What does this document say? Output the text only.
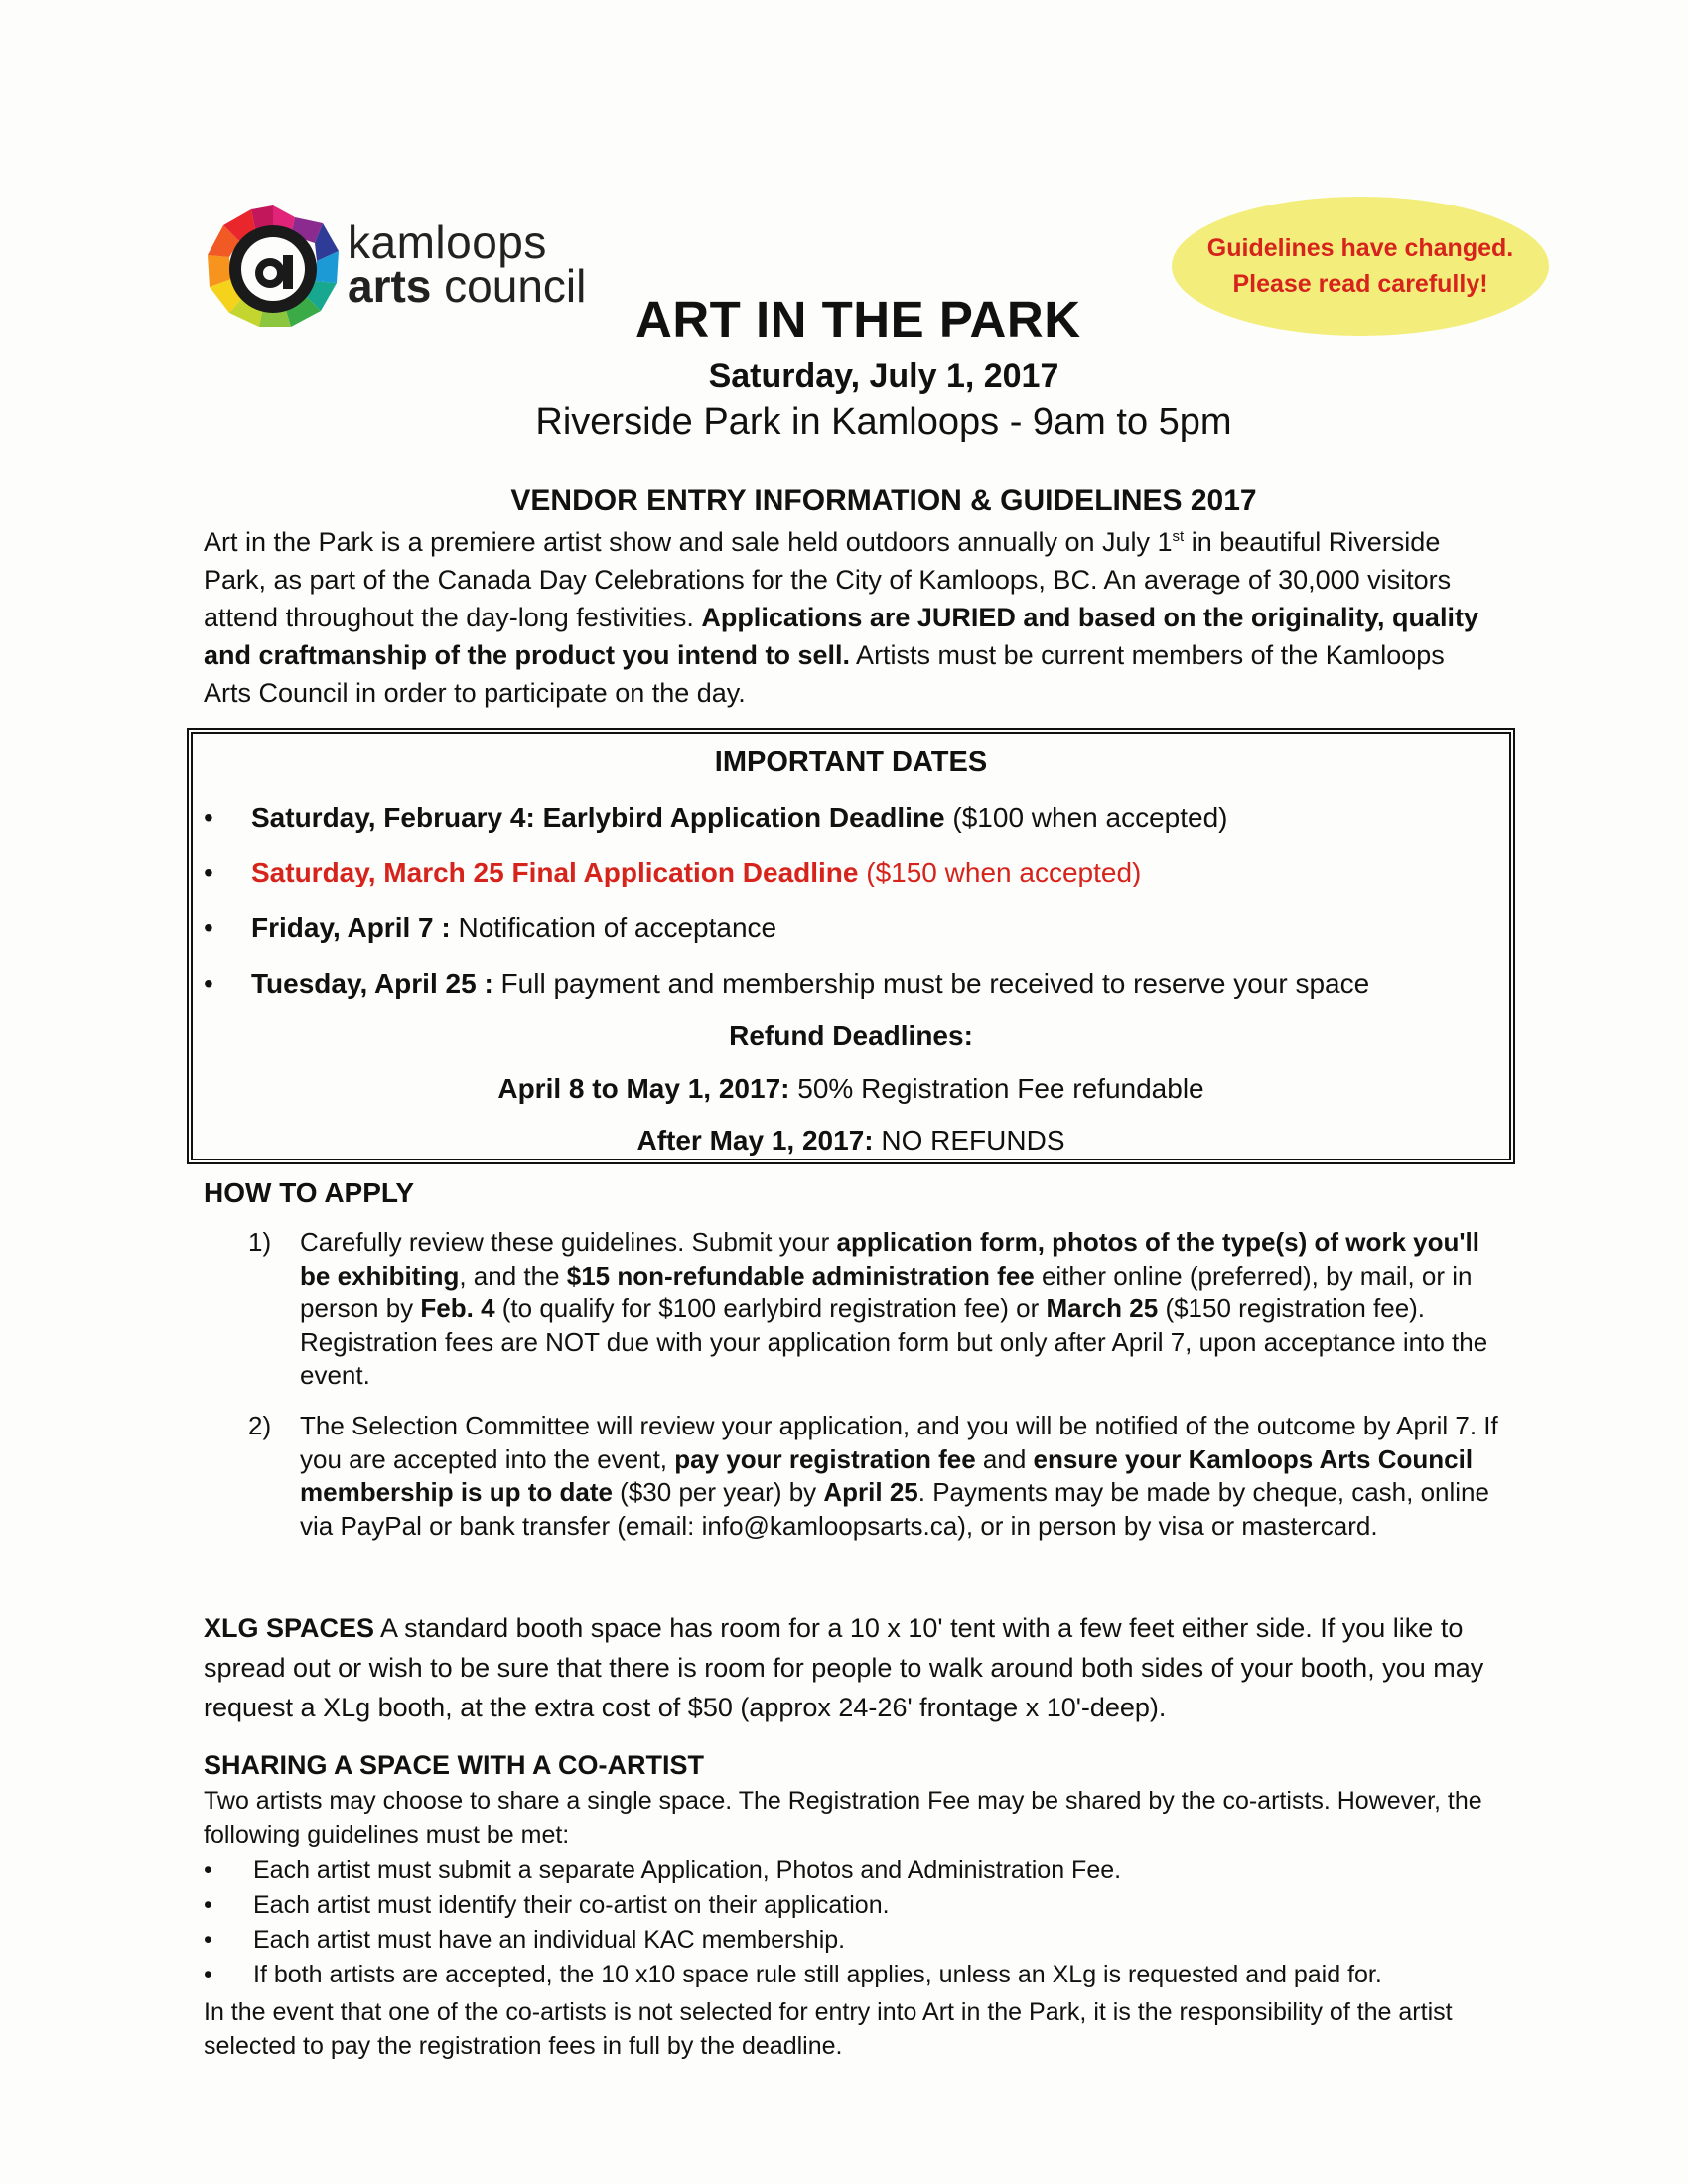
kamloops
arts council
Guidelines have changed.
Please read carefully!
ART IN THE PARK
Saturday, July 1, 2017
Riverside Park in Kamloops - 9am to 5pm
VENDOR ENTRY INFORMATION & GUIDELINES 2017
Art in the Park is a premiere artist show and sale held outdoors annually on July 1st in beautiful Riverside Park, as part of the Canada Day Celebrations for the City of Kamloops, BC. An average of 30,000 visitors attend throughout the day-long festivities. Applications are JURIED and based on the originality, quality and craftmanship of the product you intend to sell. Artists must be current members of the Kamloops Arts Council in order to participate on the day.
IMPORTANT DATES
• Saturday, February 4: Earlybird Application Deadline ($100 when accepted)
• Saturday, March 25 Final Application Deadline ($150 when accepted)
• Friday, April 7 : Notification of acceptance
• Tuesday, April 25 : Full payment and membership must be received to reserve your space
Refund Deadlines:
April 8 to May 1, 2017: 50% Registration Fee refundable
After May 1, 2017: NO REFUNDS
HOW TO APPLY
1)	Carefully review these guidelines. Submit your application form, photos of the type(s) of work you'll be exhibiting, and the $15 non-refundable administration fee either online (preferred), by mail, or in person by Feb. 4 (to qualify for $100 earlybird registration fee) or March 25 ($150 registration fee). Registration fees are NOT due with your application form but only after April 7, upon acceptance into the event.
2)	The Selection Committee will review your application, and you will be notified of the outcome by April 7. If you are accepted into the event, pay your registration fee and ensure your Kamloops Arts Council membership is up to date ($30 per year) by April 25. Payments may be made by cheque, cash, online via PayPal or bank transfer (email: info@kamloopsarts.ca), or in person by visa or mastercard.
XLG SPACES A standard booth space has room for a 10 x 10' tent with a few feet either side. If you like to spread out or wish to be sure that there is room for people to walk around both sides of your booth, you may request a XLg booth, at the extra cost of $50 (approx 24-26' frontage x 10'-deep).
SHARING A SPACE WITH A CO-ARTIST
Two artists may choose to share a single space. The Registration Fee may be shared by the co-artists. However, the following guidelines must be met:
• Each artist must submit a separate Application, Photos and Administration Fee.
• Each artist must identify their co-artist on their application.
• Each artist must have an individual KAC membership.
• If both artists are accepted, the 10 x10 space rule still applies, unless an XLg is requested and paid for.
In the event that one of the co-artists is not selected for entry into Art in the Park, it is the responsibility of the artist selected to pay the registration fees in full by the deadline.
